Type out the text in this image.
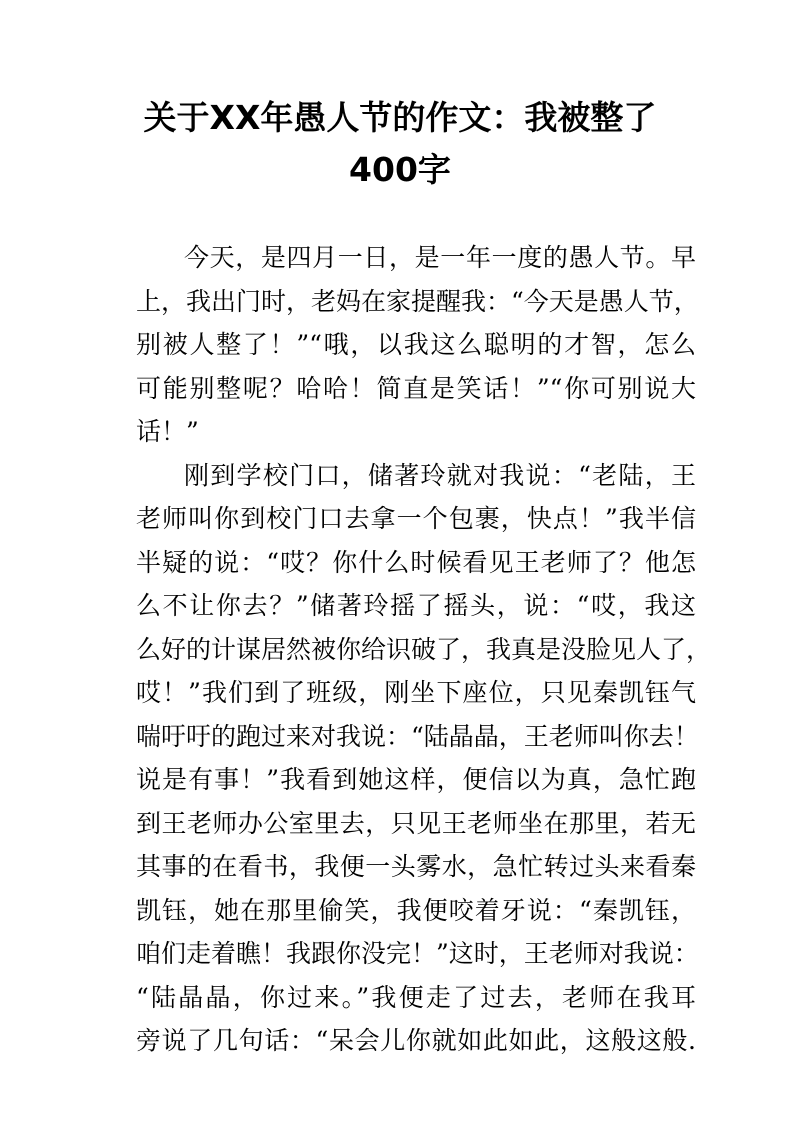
关于XX年愚人节的作文：我被整了
400字
今天，是四月一日，是一年一度的愚人节。早
上，我出门时，老妈在家提醒我：“今天是愚人节，
别被人整了！”“哦，以我这么聪明的才智，怎么
可能别整呢？哈哈！简直是笑话！”“你可别说大
话！”
刚到学校门口，储著玲就对我说：“老陆，王
老师叫你到校门口去拿一个包裹，快点！”我半信
半疑的说：“哎？你什么时候看见王老师了？他怎
么不让你去？”储著玲摇了摇头，说：“哎，我这
么好的计谋居然被你给识破了，我真是没脸见人了，
哎！”我们到了班级，刚坐下座位，只见秦凯钰气
喘吁吁的跑过来对我说：“陆晶晶，王老师叫你去！
说是有事！”我看到她这样，便信以为真，急忙跑
到王老师办公室里去，只见王老师坐在那里，若无
其事的在看书，我便一头雾水，急忙转过头来看秦
凯钰，她在那里偷笑，我便咬着牙说：“秦凯钰，
咱们走着瞧！我跟你没完！”这时，王老师对我说：
“陆晶晶，你过来。”我便走了过去，老师在我耳
旁说了几句话：“呆会儿你就如此如此，这般这般.
